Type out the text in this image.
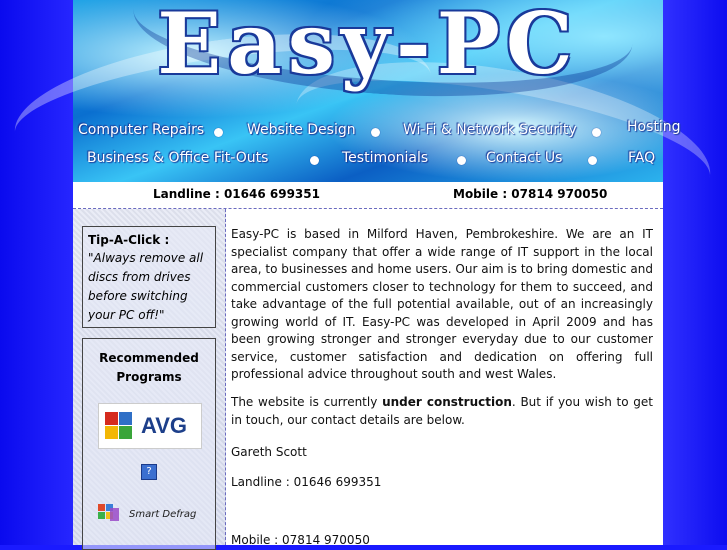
Easy-PC
Computer Repairs	Website Design	Wi-Fi & Network Security	Hosting
Business & Office Fit-Outs	Testimonials	Contact Us	FAQ
Landline : 01646 699351	Mobile : 07814 970050
Tip-A-Click :
"Always remove all discs from drives before switching your PC off!"
Recommended Programs
AVG
?
Smart Defrag

Easy-PC is based in Milford Haven, Pembrokeshire. We are an IT specialist company that offer a wide range of IT support in the local area, to businesses and home users. Our aim is to bring domestic and commercial customers closer to technology for them to succeed, and take advantage of the full potential available, out of an increasingly growing world of IT. Easy-PC was developed in April 2009 and has been growing stronger and stronger everyday due to our customer service, customer satisfaction and dedication on offering full professional advice throughout south and west Wales.

The website is currently under construction. But if you wish to get in touch, our contact details are below.

Gareth Scott

Landline : 01646 699351

Mobile : 07814 970050
